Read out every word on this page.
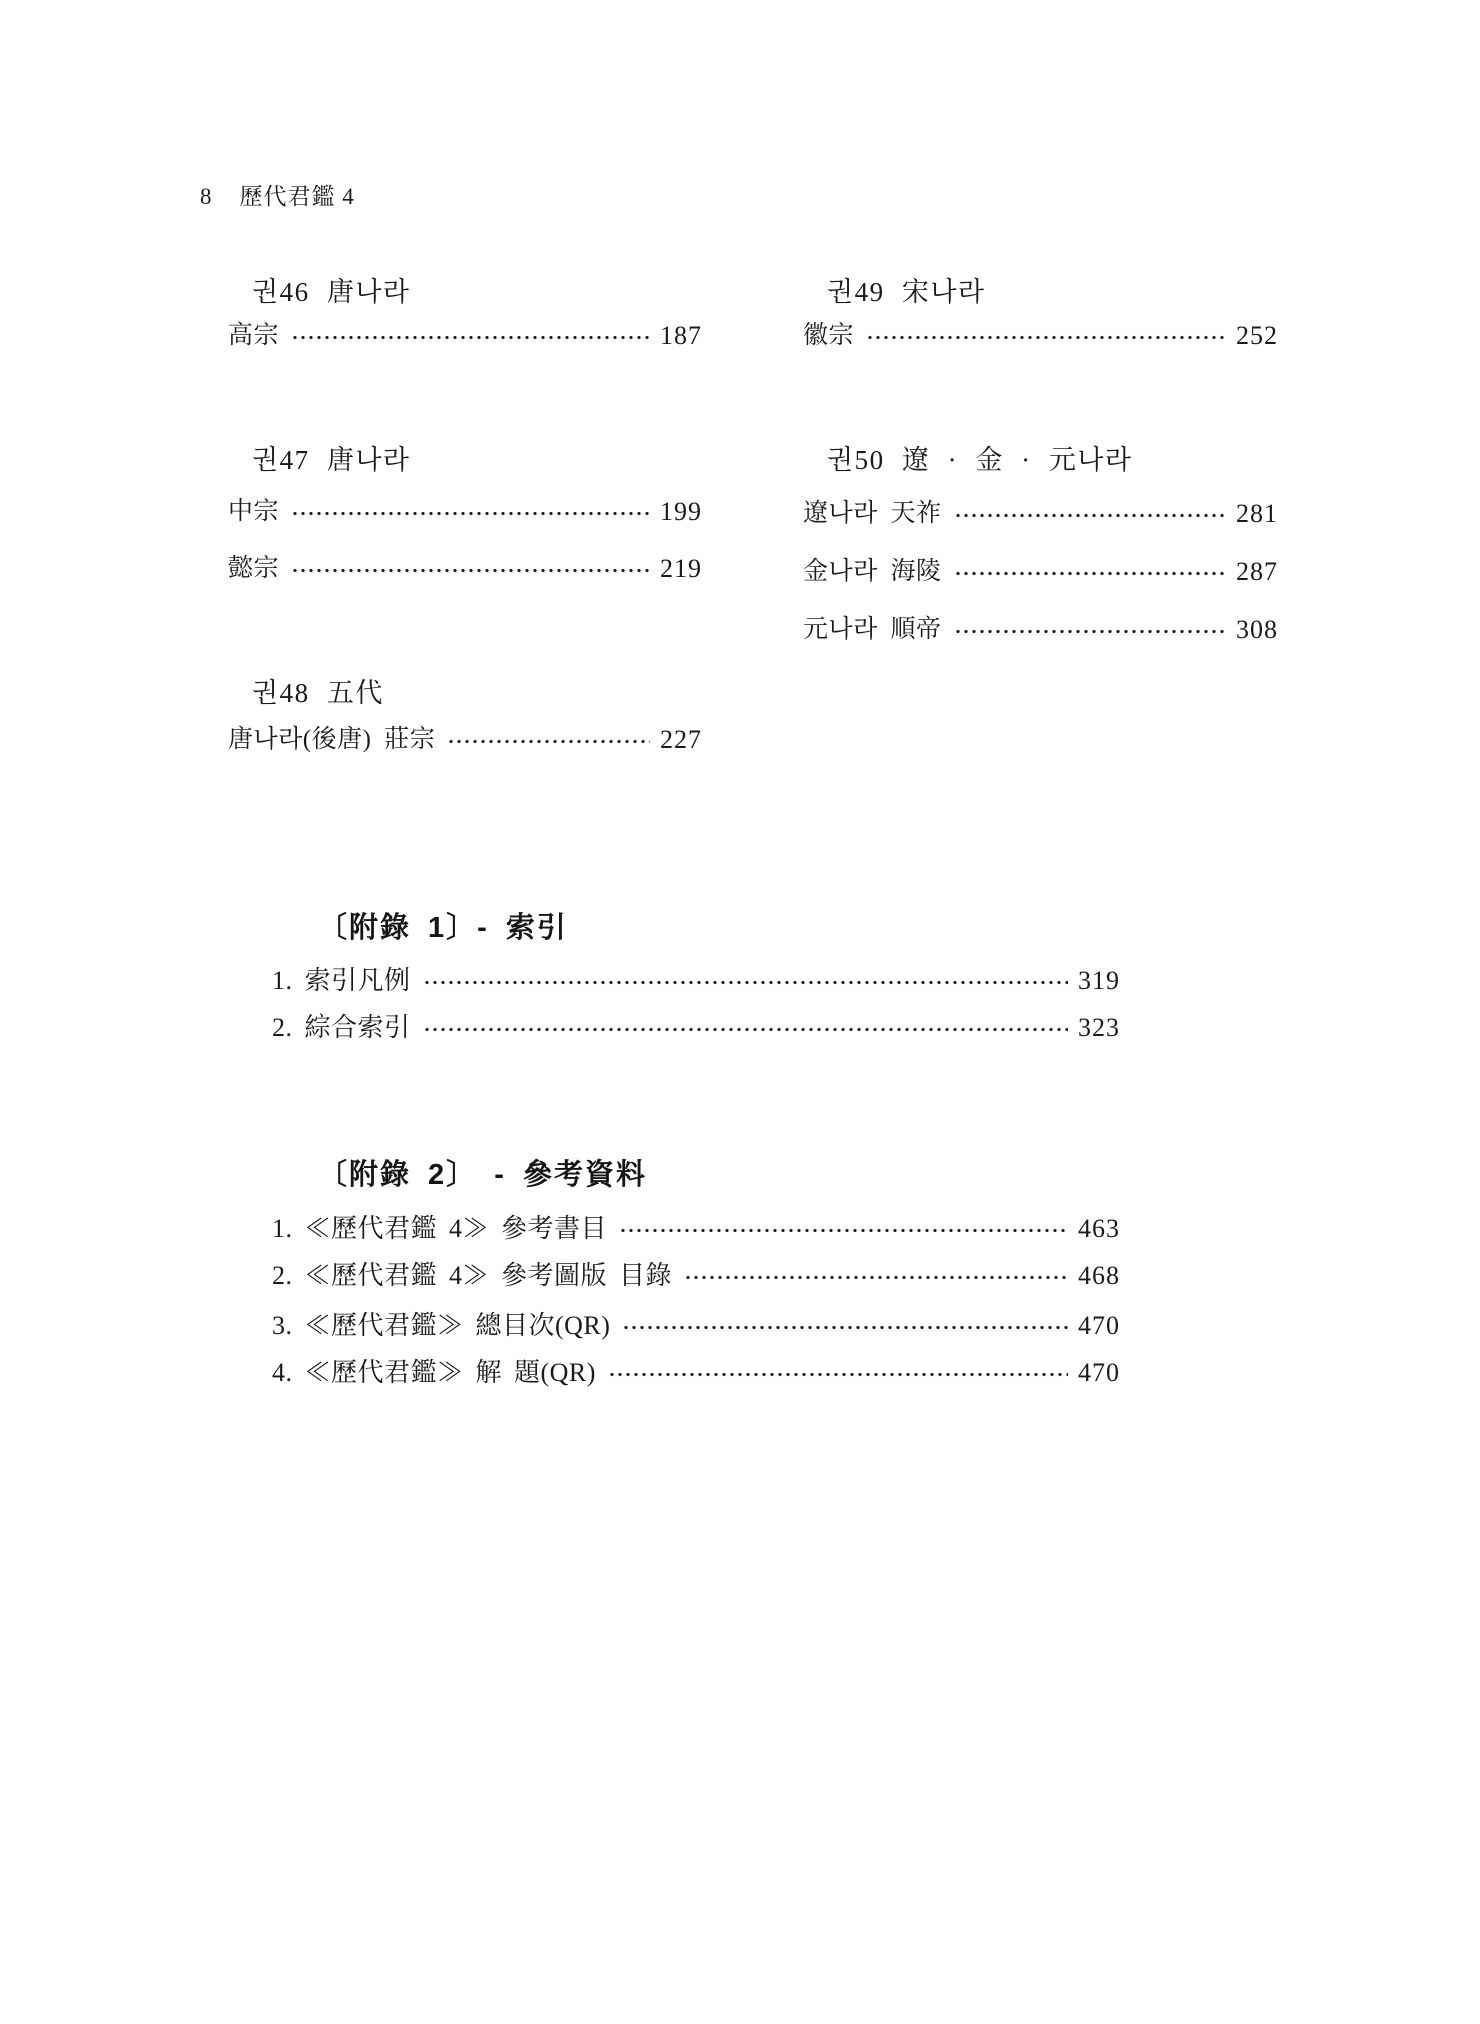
8 歷代君鑑 4
권46 唐나라
高宗	187
권47 唐나라
中宗	199
懿宗	219
권48 五代
唐나라(後唐) 莊宗	227
권49 宋나라
徽宗	252
권50 遼 · 金 · 元나라
遼나라 天祚	281
金나라 海陵	287
元나라 順帝	308
〔附錄 1〕- 索引
1. 索引凡例	319
2. 綜合索引	323
〔附錄 2〕 - 參考資料
1. ≪歷代君鑑 4≫ 參考書目	463
2. ≪歷代君鑑 4≫ 參考圖版 目錄	468
3. ≪歷代君鑑≫ 總目次(QR)	470
4. ≪歷代君鑑≫ 解 題(QR)	470
